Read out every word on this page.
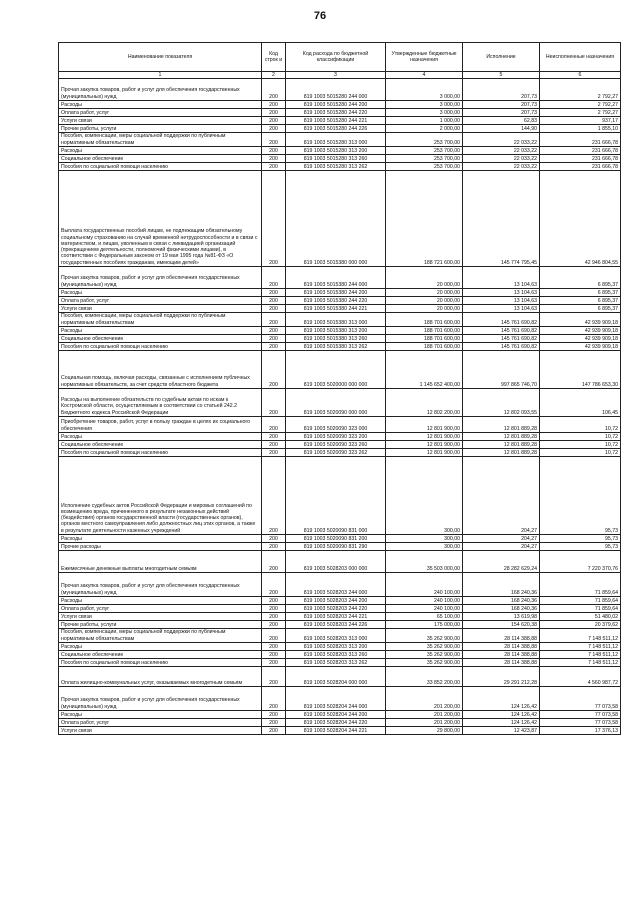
76
Наименование показателя	Код строк и	Код расхода по бюджетной классификации	Утвержденные бюджетные назначения	Исполнение	Неисполненные назначения
1	2	3	4	5	6
Прочая закупка товаров, работ и услуг для обеспечения государственных (муниципальных) нужд	200	819 1003 5015280 244 000	3 000,00	207,73	2 792,27
Расходы	200	819 1003 5015280 244 200	3 000,00	207,73	2 792,27
Оплата работ, услуг	200	819 1003 5015280 244 220	3 000,00	207,73	2 792,27
Услуги связи	200	819 1003 5015280 244 221	1 000,00	62,83	937,17
Прочие работы, услуги	200	819 1003 5015280 244 226	2 000,00	144,90	1 855,10
Пособия, компенсации, меры социальной поддержки по публичным нормативным обязательствам	200	819 1003 5015280 313 000	253 700,00	22 033,22	231 666,78
Расходы	200	819 1003 5015280 313 200	253 700,00	22 033,22	231 666,78
Социальное обеспечение	200	819 1003 5015280 313 260	253 700,00	22 033,22	231 666,78
Пособия по социальной помощи населению	200	819 1003 5015280 313 262	253 700,00	22 033,22	231 666,78
Выплата государственных пособий лицам, не подлежащим обязательному социальному страхованию на случай временной нетрудоспособности и в связи с материнством, и лицам, уволенным в связи с ликвидацией организаций (прекращением деятельности, полномочий физическими лицами), в соответствии с Федеральным законом от 19 мая 1995 года №81-ФЗ «О государственных пособиях гражданам, имеющим детей»	200	819 1003 5015380 000 000	188 721 600,00	145 774 795,45	42 946 804,55
Прочая закупка товаров, работ и услуг для обеспечения государственных (муниципальных) нужд	200	819 1003 5015380 244 000	20 000,00	13 104,63	6 895,37
Расходы	200	819 1003 5015380 244 200	20 000,00	13 104,63	6 895,37
Оплата работ, услуг	200	819 1003 5015380 244 220	20 000,00	13 104,63	6 895,37
Услуги связи	200	819 1003 5015380 244 221	20 000,00	13 104,63	6 895,37
Пособия, компенсации, меры социальной поддержки по публичным нормативным обязательствам	200	819 1003 5015380 313 000	188 701 600,00	145 761 690,82	42 939 909,18
Расходы	200	819 1003 5015380 313 200	188 701 600,00	145 761 690,82	42 939 909,18
Социальное обеспечение	200	819 1003 5015380 313 260	188 701 600,00	145 761 690,82	42 939 909,18
Пособия по социальной помощи населению	200	819 1003 5015380 313 262	188 701 600,00	145 761 690,82	42 939 909,18
Социальная помощь, включая расходы, связанные с исполнением публичных нормативных обязательств, за счет средств областного бюджета	200	819 1003 5020000 000 000	1 145 652 400,00	997 865 746,70	147 786 653,30
Расходы на выполнение обязательств по судебным актам по искам к Костромской области, осуществляемым в соответствии со статьей 242.2 Бюджетного кодекса Российской Федерации	200	819 1003 5020090 000 000	12 802 200,00	12 802 093,55	106,45
Приобретение товаров, работ, услуг в пользу граждан в целях их социального обеспечения	200	819 1003 5020090 323 000	12 801 900,00	12 801 889,28	10,72
Расходы	200	819 1003 5020090 323 200	12 801 900,00	12 801 889,28	10,72
Социальное обеспечение	200	819 1003 5020090 323 260	12 801 900,00	12 801 889,28	10,72
Пособия по социальной помощи населению	200	819 1003 5020090 323 262	12 801 900,00	12 801 889,28	10,72
Исполнение судебных актов Российской Федерации и мировых соглашений по возмещению вреда, причиненного в результате незаконных действий (бездействия) органов государственной власти (государственных органов), органов местного самоуправления либо должностных лиц этих органов, а также в результате деятельности казенных учреждений	200	819 1003 5020090 831 000	300,00	204,27	95,73
Расходы	200	819 1003 5020090 831 200	300,00	204,27	95,73
Прочие расходы	200	819 1003 5020090 831 290	300,00	204,27	95,73
Ежемесячные денежные выплаты многодетным семьям	200	819 1003 5028203 000 000	35 503 000,00	28 282 629,24	7 220 370,76
Прочая закупка товаров, работ и услуг для обеспечения государственных (муниципальных) нужд	200	819 1003 5028203 244 000	240 100,00	168 240,36	71 859,64
Расходы	200	819 1003 5028203 244 200	240 100,00	168 240,36	71 859,64
Оплата работ, услуг	200	819 1003 5028203 244 220	240 100,00	168 240,36	71 859,64
Услуги связи	200	819 1003 5028203 244 221	65 100,00	13 619,98	51 480,02
Прочие работы, услуги	200	819 1003 5028203 244 226	175 000,00	154 620,38	20 379,62
Пособия, компенсации, меры социальной поддержки по публичным нормативным обязательствам	200	819 1003 5028203 313 000	35 262 900,00	28 114 388,88	7 148 511,12
Расходы	200	819 1003 5028203 313 200	35 262 900,00	28 114 388,88	7 148 511,12
Социальное обеспечение	200	819 1003 5028203 313 260	35 262 900,00	28 114 388,88	7 148 511,12
Пособия по социальной помощи населению	200	819 1003 5028203 313 262	35 262 900,00	28 114 388,88	7 148 511,12
Оплата жилищно-коммунальных услуг, оказываемых многодетным семьям	200	819 1003 5028204 000 000	33 852 200,00	29 291 212,28	4 560 987,72
Прочая закупка товаров, работ и услуг для обеспечения государственных (муниципальных) нужд	200	819 1003 5028204 244 000	201 200,00	124 126,42	77 073,58
Расходы	200	819 1003 5028204 244 200	201 200,00	124 126,42	77 073,58
Оплата работ, услуг	200	819 1003 5028204 244 220	201 200,00	124 126,42	77 073,58
Услуги связи	200	819 1003 5028204 244 221	29 800,00	12 423,87	17 376,13
